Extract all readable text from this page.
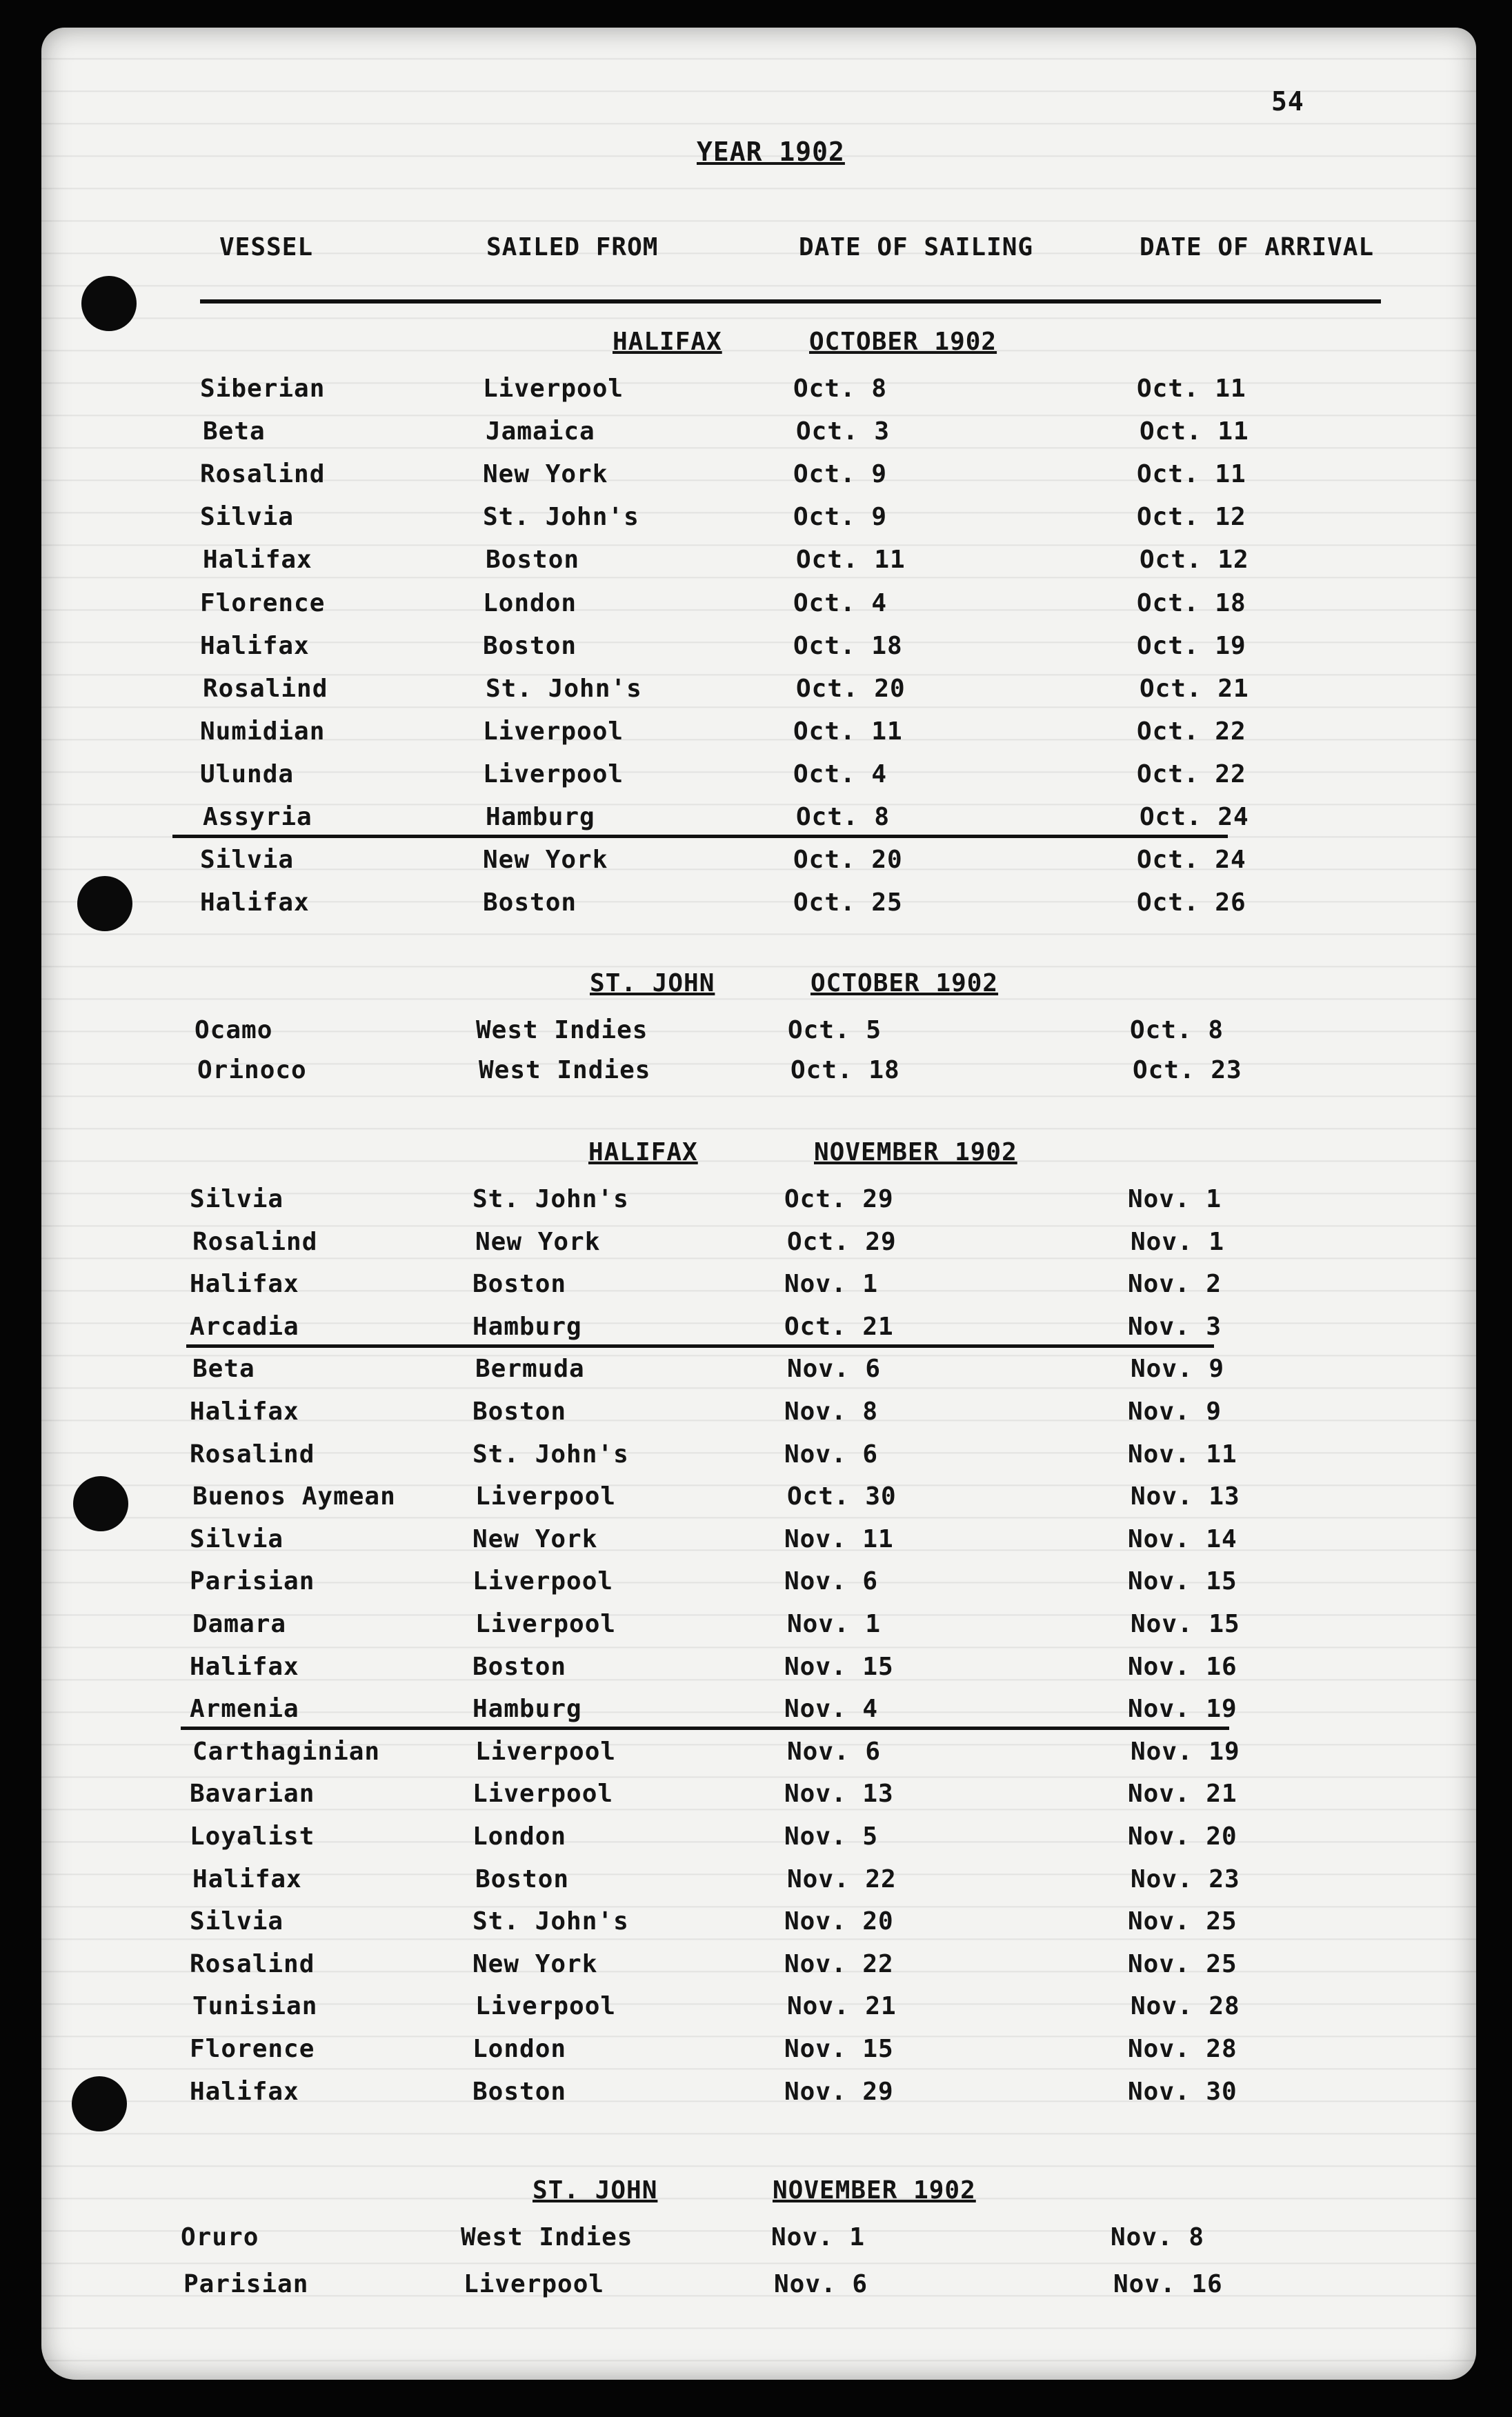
54
YEAR 1902
VESSEL	SAILED FROM	DATE OF SAILING	DATE OF ARRIVAL
HALIFAX	OCTOBER 1902
Siberian	Liverpool	Oct. 8	Oct. 11
Beta	Jamaica	Oct. 3	Oct. 11
Rosalind	New York	Oct. 9	Oct. 11
Silvia	St. John's	Oct. 9	Oct. 12
Halifax	Boston	Oct. 11	Oct. 12
Florence	London	Oct. 4	Oct. 18
Halifax	Boston	Oct. 18	Oct. 19
Rosalind	St. John's	Oct. 20	Oct. 21
Numidian	Liverpool	Oct. 11	Oct. 22
Ulunda	Liverpool	Oct. 4	Oct. 22
Assyria	Hamburg	Oct. 8	Oct. 24
Silvia	New York	Oct. 20	Oct. 24
Halifax	Boston	Oct. 25	Oct. 26
ST. JOHN	OCTOBER 1902
Ocamo	West Indies	Oct. 5	Oct. 8
Orinoco	West Indies	Oct. 18	Oct. 23
HALIFAX	NOVEMBER 1902
Silvia	St. John's	Oct. 29	Nov. 1
Rosalind	New York	Oct. 29	Nov. 1
Halifax	Boston	Nov. 1	Nov. 2
Arcadia	Hamburg	Oct. 21	Nov. 3
Beta	Bermuda	Nov. 6	Nov. 9
Halifax	Boston	Nov. 8	Nov. 9
Rosalind	St. John's	Nov. 6	Nov. 11
Buenos Aymean	Liverpool	Oct. 30	Nov. 13
Silvia	New York	Nov. 11	Nov. 14
Parisian	Liverpool	Nov. 6	Nov. 15
Damara	Liverpool	Nov. 1	Nov. 15
Halifax	Boston	Nov. 15	Nov. 16
Armenia	Hamburg	Nov. 4	Nov. 19
Carthaginian	Liverpool	Nov. 6	Nov. 19
Bavarian	Liverpool	Nov. 13	Nov. 21
Loyalist	London	Nov. 5	Nov. 20
Halifax	Boston	Nov. 22	Nov. 23
Silvia	St. John's	Nov. 20	Nov. 25
Rosalind	New York	Nov. 22	Nov. 25
Tunisian	Liverpool	Nov. 21	Nov. 28
Florence	London	Nov. 15	Nov. 28
Halifax	Boston	Nov. 29	Nov. 30
ST. JOHN	NOVEMBER 1902
Oruro	West Indies	Nov. 1	Nov. 8
Parisian	Liverpool	Nov. 6	Nov. 16
